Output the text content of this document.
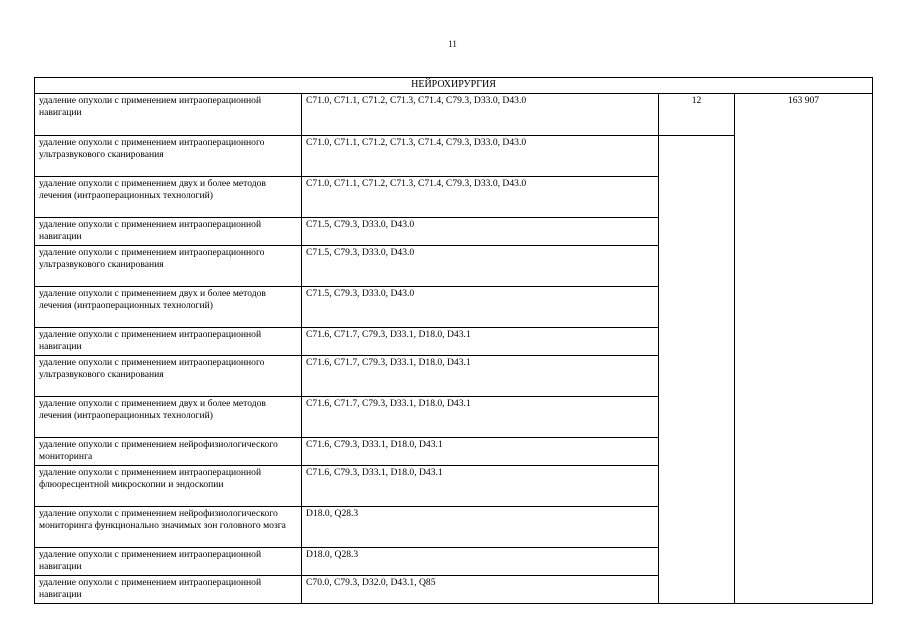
11
НЕЙРОХИРУРГИЯ			
удаление опухоли с применением интраоперационной навигации	C71.0, C71.1, C71.2, C71.3, C71.4, C79.3, D33.0, D43.0	12	163 907
удаление опухоли с применением интраоперационного ультразвукового сканирования	C71.0, C71.1, C71.2, C71.3, C71.4, C79.3, D33.0, D43.0		
удаление опухоли с применением двух и более методов лечения (интраоперационных технологий)	C71.0, C71.1, C71.2, C71.3, C71.4, C79.3, D33.0, D43.0		
удаление опухоли с применением интраоперационной навигации	C71.5, C79.3, D33.0, D43.0		
удаление опухоли с применением интраоперационного ультразвукового сканирования	C71.5, C79.3, D33.0, D43.0		
удаление опухоли с применением двух и более методов лечения (интраоперационных технологий)	C71.5, C79.3, D33.0, D43.0		
удаление опухоли с применением интраоперационной навигации	C71.6, C71.7, C79.3, D33.1, D18.0, D43.1		
удаление опухоли с применением интраоперационного ультразвукового сканирования	C71.6, C71.7, C79.3, D33.1, D18.0, D43.1		
удаление опухоли с применением двух и более методов лечения (интраоперационных технологий)	C71.6, C71.7, C79.3, D33.1, D18.0, D43.1		
удаление опухоли с применением нейрофизиологического мониторинга	C71.6, C79.3, D33.1, D18.0, D43.1		
удаление опухоли с применением интраоперационной флюоресцентной микроскопии и эндоскопии	C71.6, C79.3, D33.1, D18.0, D43.1		
удаление опухоли с применением нейрофизиологического мониторинга функционально значимых зон головного мозга	D18.0, Q28.3		
удаление опухоли с применением интраоперационной навигации	D18.0, Q28.3		
удаление опухоли с применением интраоперационной навигации	C70.0, C79.3, D32.0, D43.1, Q85		
